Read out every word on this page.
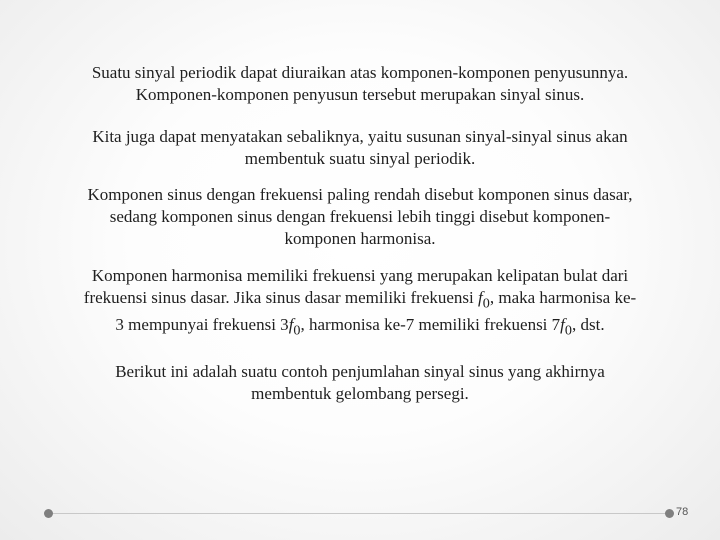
Suatu sinyal periodik dapat diuraikan atas komponen-komponen penyusunnya. Komponen-komponen penyusun tersebut merupakan sinyal sinus.

Kita juga dapat menyatakan sebaliknya, yaitu susunan sinyal-sinyal sinus akan membentuk suatu sinyal periodik.

Komponen sinus dengan frekuensi paling rendah disebut komponen sinus dasar, sedang komponen sinus dengan frekuensi lebih tinggi disebut komponen-komponen harmonisa.

Komponen harmonisa memiliki frekuensi yang merupakan kelipatan bulat dari frekuensi sinus dasar. Jika sinus dasar memiliki frekuensi $f_0$, maka harmonisa ke-3 mempunyai frekuensi $3f_0$, harmonisa ke-7 memiliki frekuensi $7f_0$, dst.

Berikut ini adalah suatu contoh penjumlahan sinyal sinus yang akhirnya membentuk gelombang persegi.

78
